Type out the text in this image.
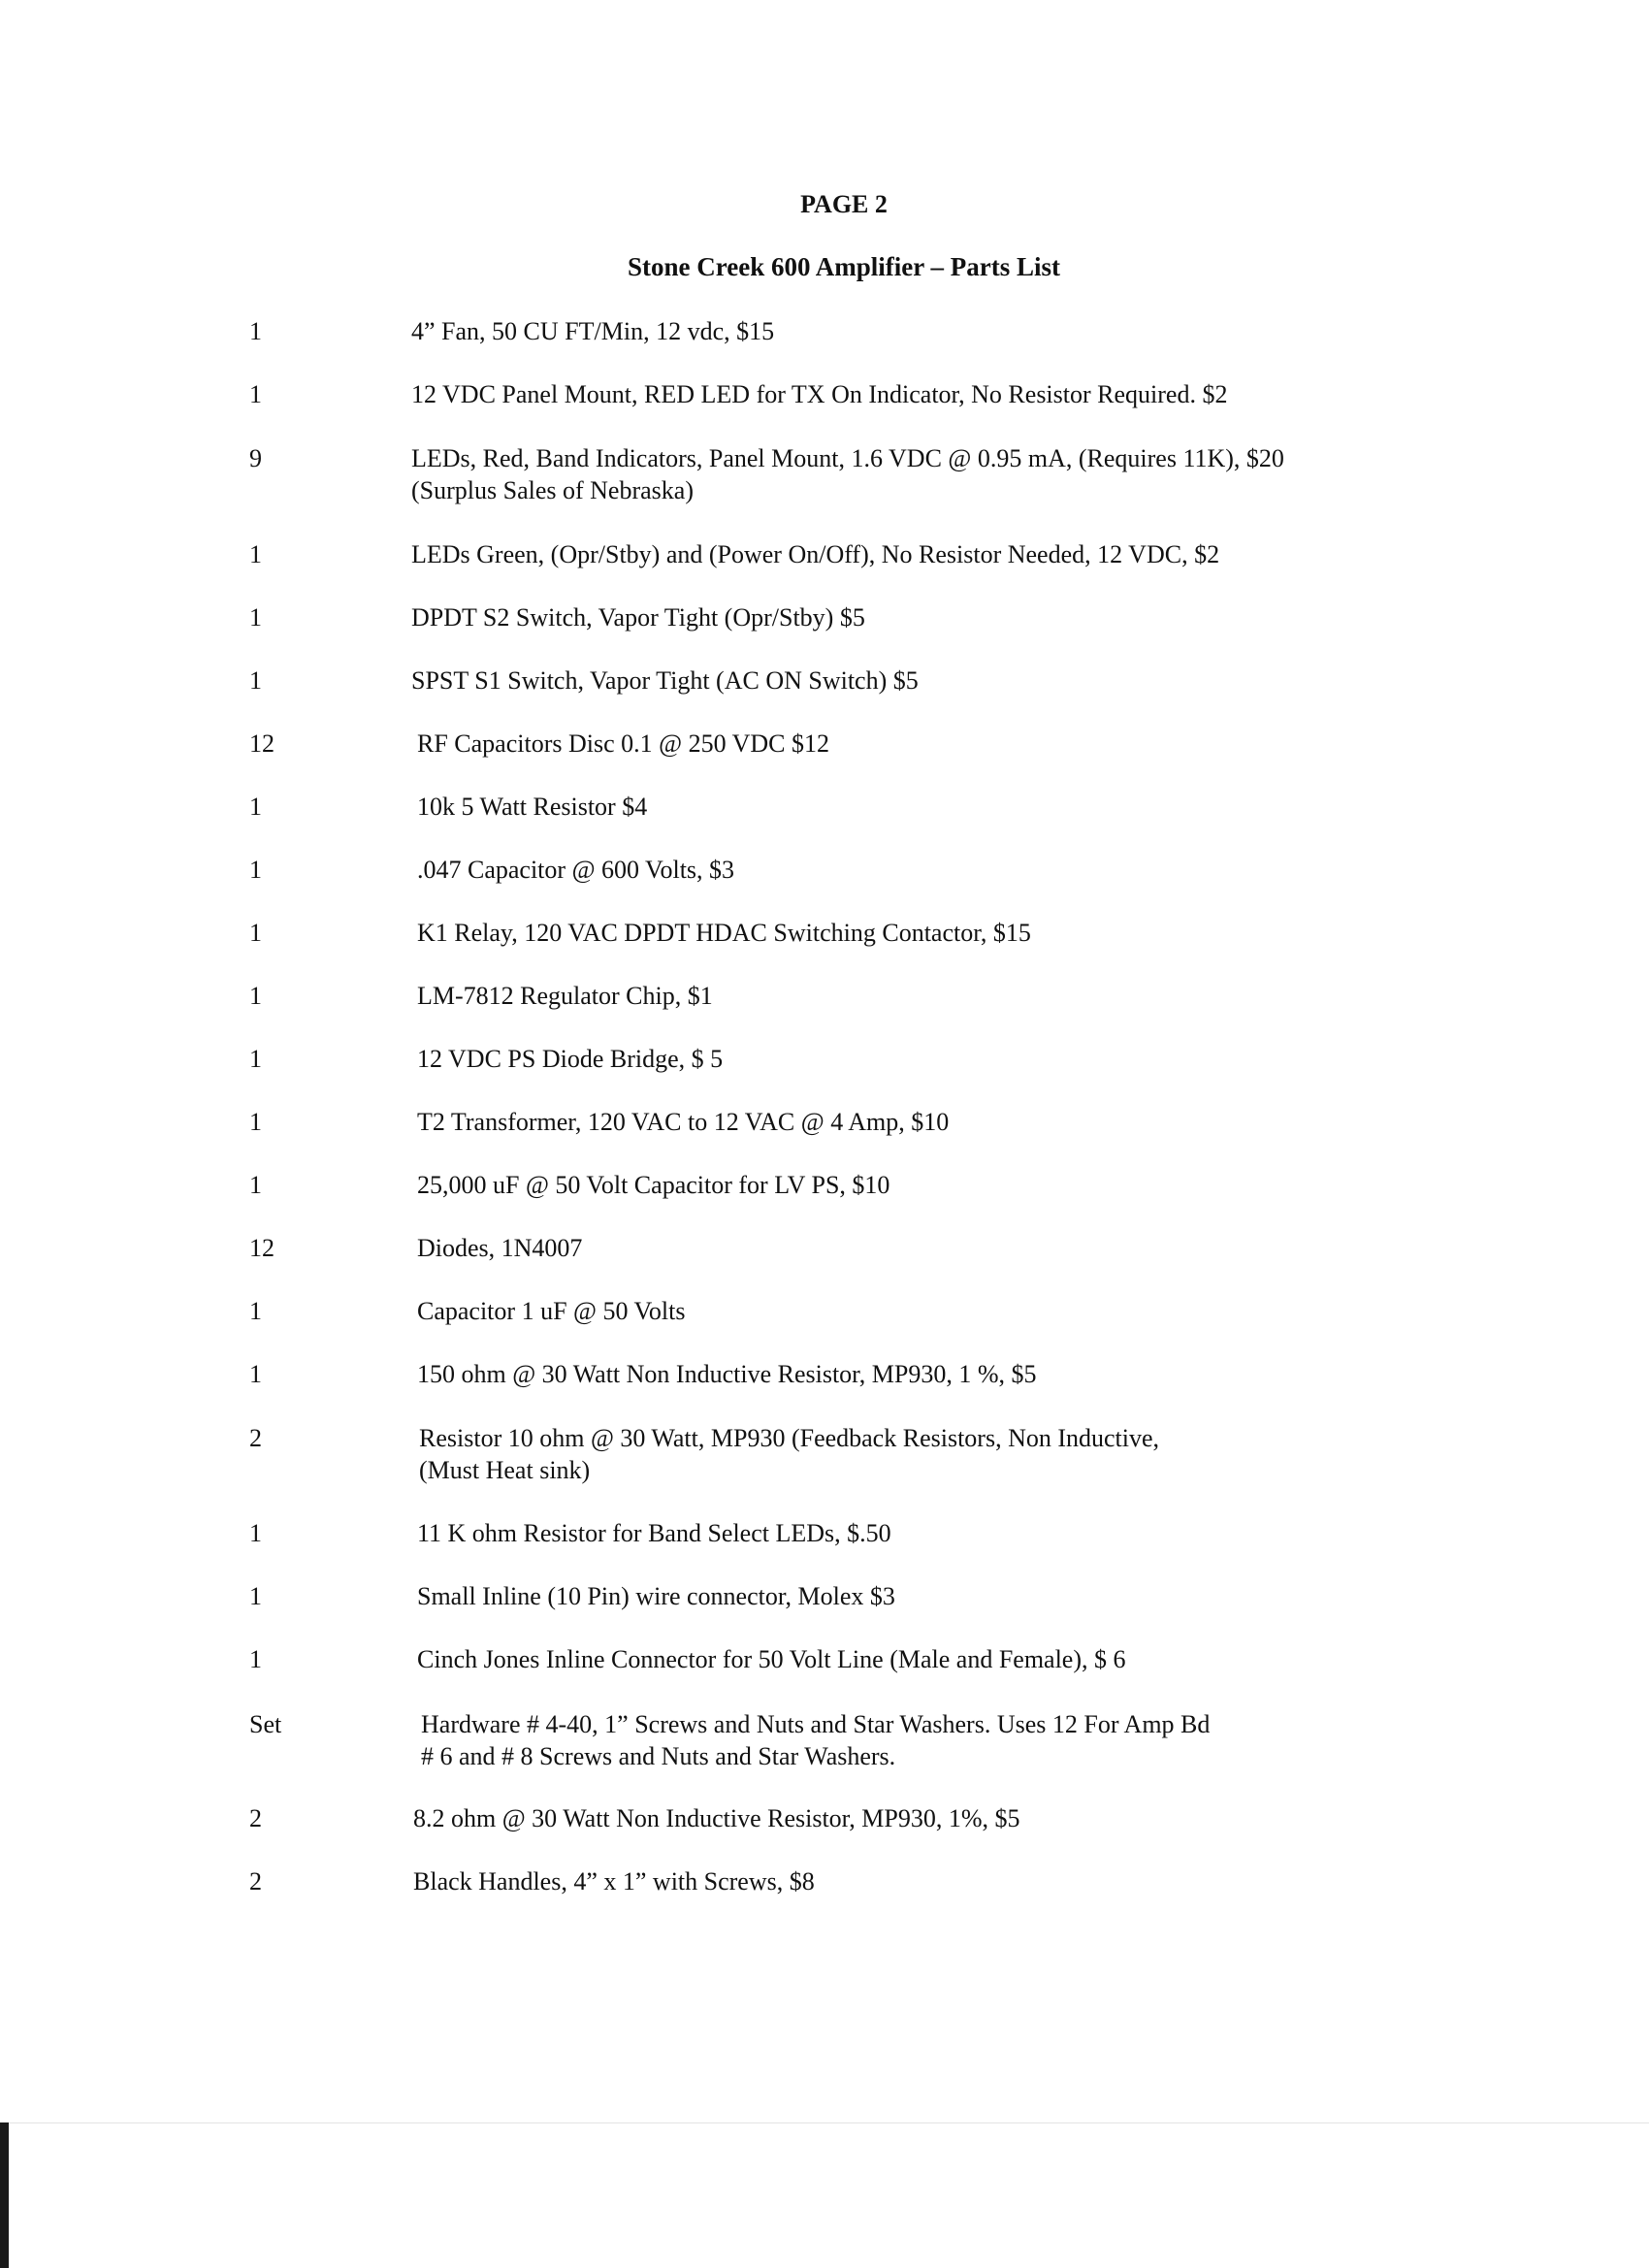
PAGE 2
Stone Creek 600 Amplifier – Parts List
1	4” Fan, 50 CU FT/Min, 12 vdc, $15
1	12 VDC Panel Mount, RED LED for TX On Indicator, No Resistor Required. $2
9	LEDs, Red, Band Indicators, Panel Mount, 1.6 VDC @ 0.95 mA, (Requires 11K), $20
(Surplus Sales of Nebraska)
1	LEDs Green, (Opr/Stby) and (Power On/Off), No Resistor Needed, 12 VDC, $2
1	DPDT S2 Switch, Vapor Tight (Opr/Stby) $5
1	SPST S1 Switch, Vapor Tight (AC ON Switch) $5
12	RF Capacitors Disc 0.1 @ 250 VDC $12
1	10k 5 Watt Resistor $4
1	.047 Capacitor @ 600 Volts, $3
1	K1 Relay, 120 VAC DPDT HDAC Switching Contactor, $15
1	LM-7812 Regulator Chip, $1
1	12 VDC PS Diode Bridge, $ 5
1	T2 Transformer, 120 VAC to 12 VAC @ 4 Amp, $10
1	25,000 uF @ 50 Volt Capacitor for LV PS, $10
12	Diodes, 1N4007
1	Capacitor 1 uF @ 50 Volts
1	150 ohm @ 30 Watt Non Inductive Resistor, MP930, 1 %, $5
2	Resistor 10 ohm @ 30 Watt, MP930 (Feedback Resistors, Non Inductive,
(Must Heat sink)
1	11 K ohm Resistor for Band Select LEDs, $.50
1	Small Inline (10 Pin) wire connector, Molex $3
1	Cinch Jones Inline Connector for 50 Volt Line (Male and Female), $ 6
Set	Hardware # 4-40, 1” Screws and Nuts and Star Washers. Uses 12 For Amp Bd
# 6 and # 8 Screws and Nuts and Star Washers.
2	8.2 ohm @ 30 Watt Non Inductive Resistor, MP930, 1%, $5
2	Black Handles, 4” x 1” with Screws, $8
